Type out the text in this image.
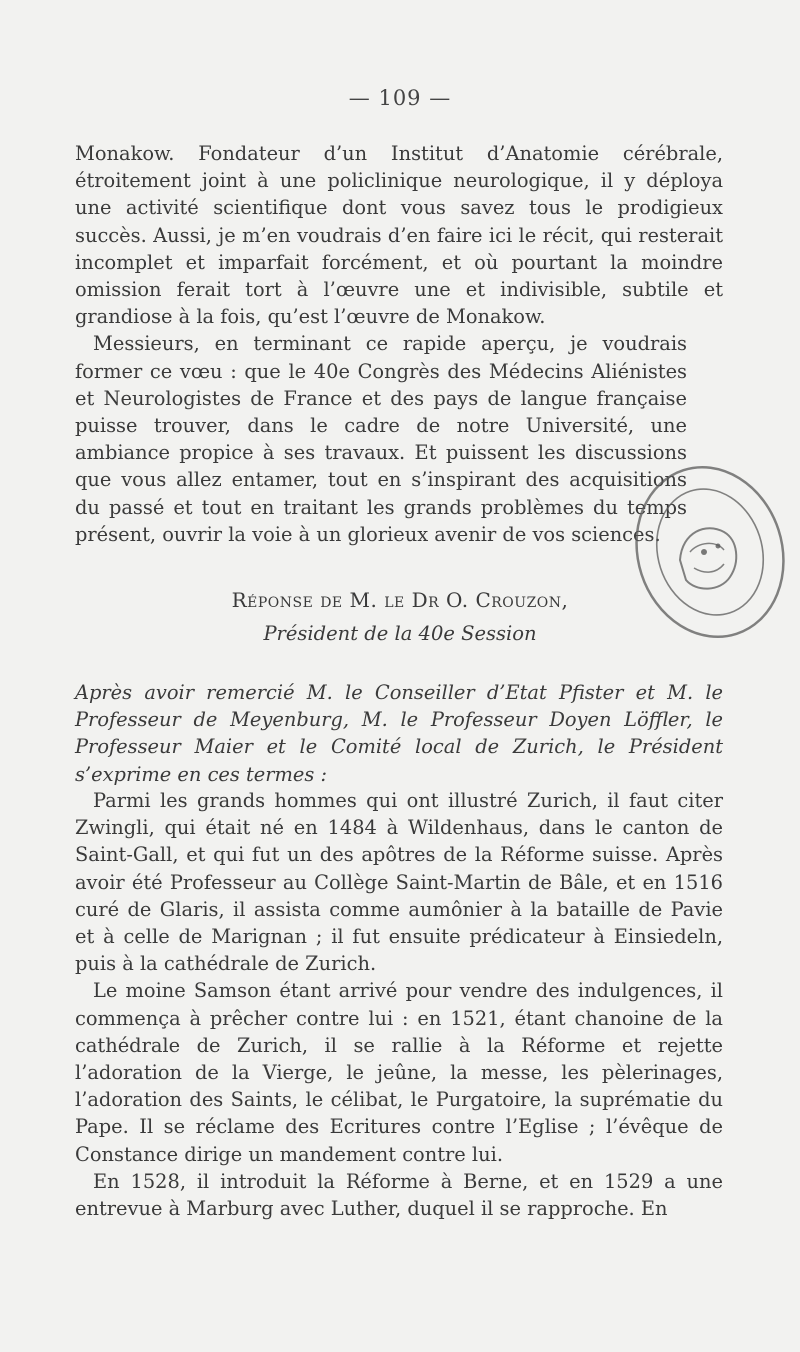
— 109 —

Monakow. Fondateur d’un Institut d’Anatomie cérébrale, étroitement joint à une policlinique neurologique, il y déploya une activité scientifique dont vous savez tous le prodigieux succès. Aussi, je m’en voudrais d’en faire ici le récit, qui resterait incomplet et imparfait forcément, et où pourtant la moindre omission ferait tort à l’œuvre une et indivisible, subtile et grandiose à la fois, qu’est l’œuvre de Monakow.

Messieurs, en terminant ce rapide aperçu, je voudrais former ce vœu : que le 40e Congrès des Médecins Aliénistes et Neurologistes de France et des pays de langue française puisse trouver, dans le cadre de notre Université, une ambiance propice à ses travaux. Et puissent les discussions que vous allez entamer, tout en s’inspirant des acquisitions du passé et tout en traitant les grands problèmes du temps présent, ouvrir la voie à un glorieux avenir de vos sciences.

Réponse de M. le Dr O. Crouzon,
Président de la 40e Session
Après avoir remercié M. le Conseiller d’Etat Pfister et M. le Professeur de Meyenburg, M. le Professeur Doyen Löffler, le Professeur Maier et le Comité local de Zurich, le Président s’exprime en ces termes :

Parmi les grands hommes qui ont illustré Zurich, il faut citer Zwingli, qui était né en 1484 à Wildenhaus, dans le canton de Saint-Gall, et qui fut un des apôtres de la Réforme suisse. Après avoir été Professeur au Collège Saint-Martin de Bâle, et en 1516 curé de Glaris, il assista comme aumônier à la bataille de Pavie et à celle de Marignan ; il fut ensuite prédicateur à Einsiedeln, puis à la cathédrale de Zurich.

Le moine Samson étant arrivé pour vendre des indulgences, il commença à prêcher contre lui : en 1521, étant chanoine de la cathédrale de Zurich, il se rallie à la Réforme et rejette l’adoration de la Vierge, le jeûne, la messe, les pèlerinages, l’adoration des Saints, le célibat, le Purgatoire, la suprématie du Pape. Il se réclame des Ecritures contre l’Eglise ; l’évêque de Constance dirige un mandement contre lui.

En 1528, il introduit la Réforme à Berne, et en 1529 a une entrevue à Marburg avec Luther, duquel il se rapproche. En
